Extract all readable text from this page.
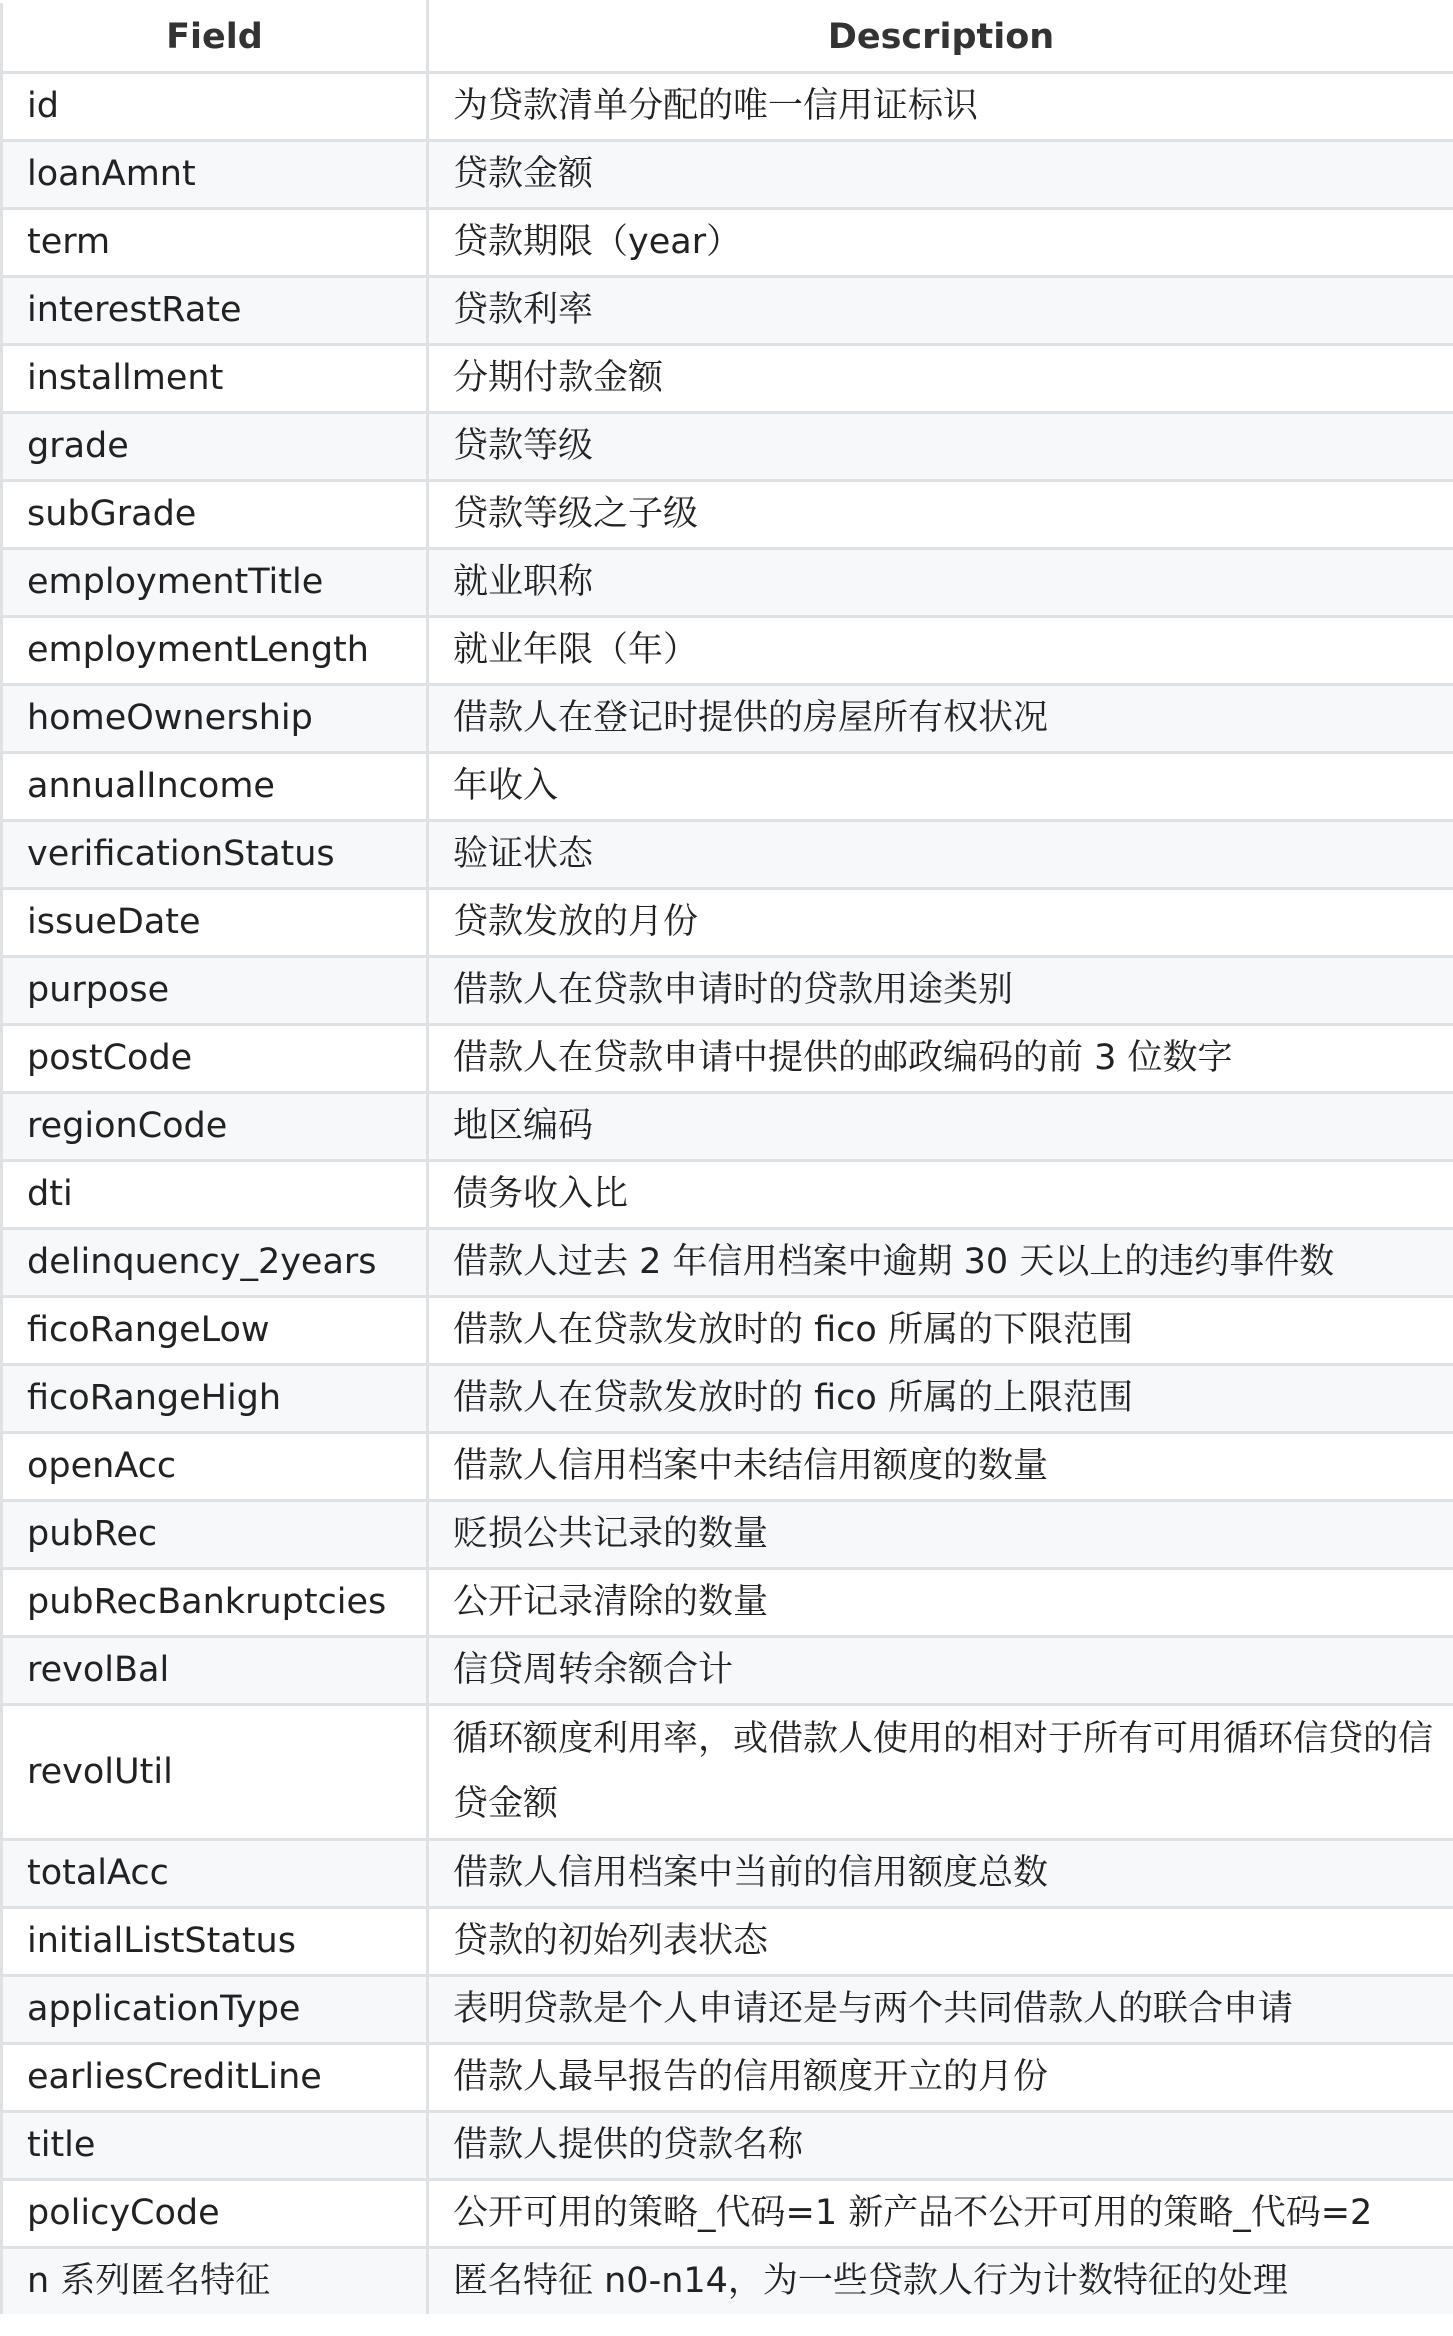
Field	Description
id	为贷款清单分配的唯一信用证标识
loanAmnt	贷款金额
term	贷款期限（year）
interestRate	贷款利率
installment	分期付款金额
grade	贷款等级
subGrade	贷款等级之子级
employmentTitle	就业职称
employmentLength	就业年限（年）
homeOwnership	借款人在登记时提供的房屋所有权状况
annualIncome	年收入
verificationStatus	验证状态
issueDate	贷款发放的月份
purpose	借款人在贷款申请时的贷款用途类别
postCode	借款人在贷款申请中提供的邮政编码的前 3 位数字
regionCode	地区编码
dti	债务收入比
delinquency_2years	借款人过去 2 年信用档案中逾期 30 天以上的违约事件数
ficoRangeLow	借款人在贷款发放时的 fico 所属的下限范围
ficoRangeHigh	借款人在贷款发放时的 fico 所属的上限范围
openAcc	借款人信用档案中未结信用额度的数量
pubRec	贬损公共记录的数量
pubRecBankruptcies	公开记录清除的数量
revolBal	信贷周转余额合计
revolUtil	循环额度利用率，或借款人使用的相对于所有可用循环信贷的信贷金额
totalAcc	借款人信用档案中当前的信用额度总数
initialListStatus	贷款的初始列表状态
applicationType	表明贷款是个人申请还是与两个共同借款人的联合申请
earliesCreditLine	借款人最早报告的信用额度开立的月份
title	借款人提供的贷款名称
policyCode	公开可用的策略_代码=1 新产品不公开可用的策略_代码=2
n 系列匿名特征	匿名特征 n0-n14，为一些贷款人行为计数特征的处理
